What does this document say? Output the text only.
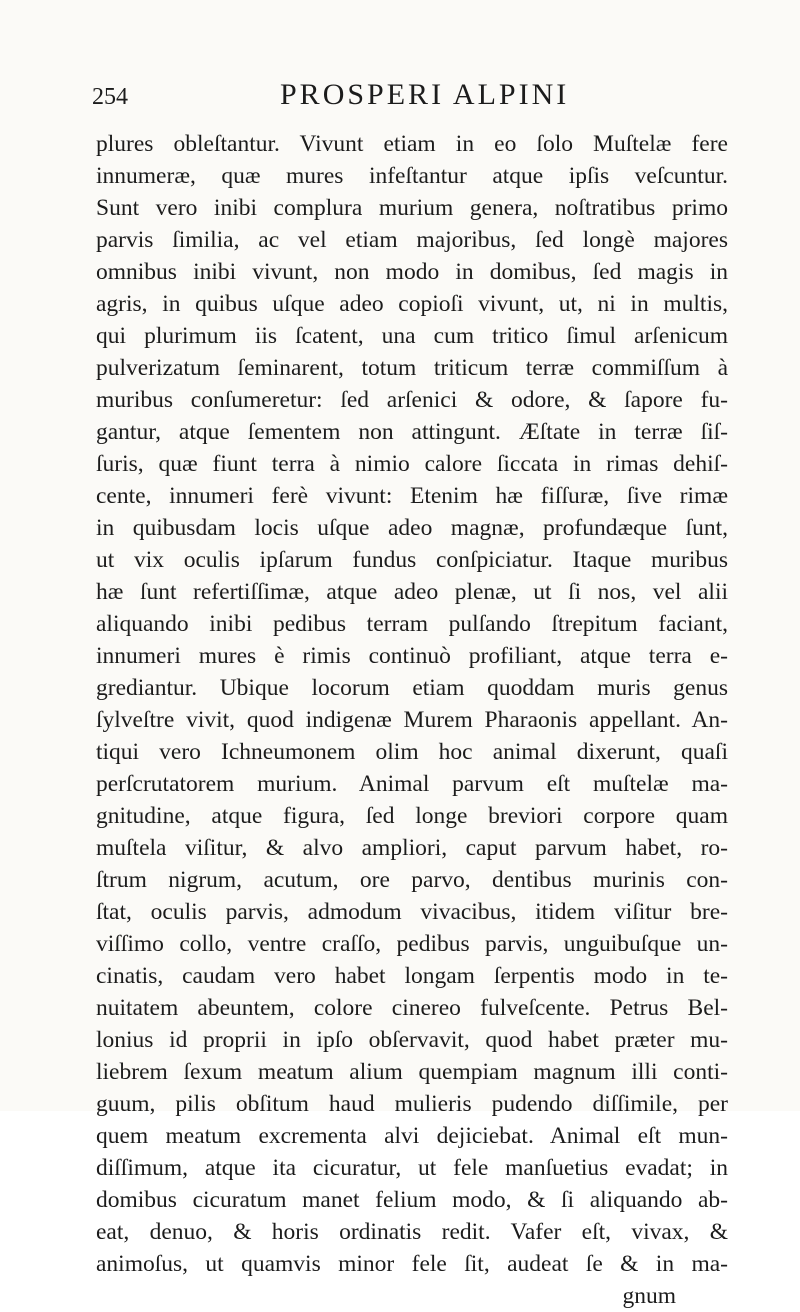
254	PROSPERI ALPINI
plures obleſtantur. Vivunt etiam in eo ſolo Muſtelæ fere
innumeræ, quæ mures infeſtantur atque ipſis veſcuntur.
Sunt vero inibi complura murium genera, noſtratibus primo
parvis ſimilia, ac vel etiam majoribus, ſed longè majores
omnibus inibi vivunt, non modo in domibus, ſed magis in
agris, in quibus uſque adeo copioſi vivunt, ut, ni in multis,
qui plurimum iis ſcatent, una cum tritico ſimul arſenicum
pulverizatum ſeminarent, totum triticum terræ commiſſum à
muribus conſumeretur: ſed arſenici & odore, & ſapore fu-
gantur, atque ſementem non attingunt. Æſtate in terræ ſiſ-
ſuris, quæ fiunt terra à nimio calore ſiccata in rimas dehiſ-
cente, innumeri ferè vivunt: Etenim hæ fiſſuræ, ſive rimæ
in quibusdam locis uſque adeo magnæ, profundæque ſunt,
ut vix oculis ipſarum fundus conſpiciatur. Itaque muribus
hæ ſunt refertiſſimæ, atque adeo plenæ, ut ſi nos, vel alii
aliquando inibi pedibus terram pulſando ſtrepitum faciant,
innumeri mures è rimis continuò profiliant, atque terra e-
grediantur. Ubique locorum etiam quoddam muris genus
ſylveſtre vivit, quod indigenæ Murem Pharaonis appellant. An-
tiqui vero Ichneumonem olim hoc animal dixerunt, quaſi
perſcrutatorem murium. Animal parvum eſt muſtelæ ma-
gnitudine, atque figura, ſed longe breviori corpore quam
muſtela viſitur, & alvo ampliori, caput parvum habet, ro-
ſtrum nigrum, acutum, ore parvo, dentibus murinis con-
ſtat, oculis parvis, admodum vivacibus, itidem viſitur bre-
viſſimo collo, ventre craſſo, pedibus parvis, unguibuſque un-
cinatis, caudam vero habet longam ſerpentis modo in te-
nuitatem abeuntem, colore cinereo fulveſcente. Petrus Bel-
lonius id proprii in ipſo obſervavit, quod habet præter mu-
liebrem ſexum meatum alium quempiam magnum illi conti-
guum, pilis obſitum haud mulieris pudendo diſſimile, per
quem meatum excrementa alvi dejiciebat. Animal eſt mun-
diſſimum, atque ita cicuratur, ut fele manſuetius evadat; in
domibus cicuratum manet felium modo, & ſi aliquando ab-
eat, denuo, & horis ordinatis redit. Vafer eſt, vivax, &
animoſus, ut quamvis minor fele ſit, audeat ſe & in ma-
gnum
